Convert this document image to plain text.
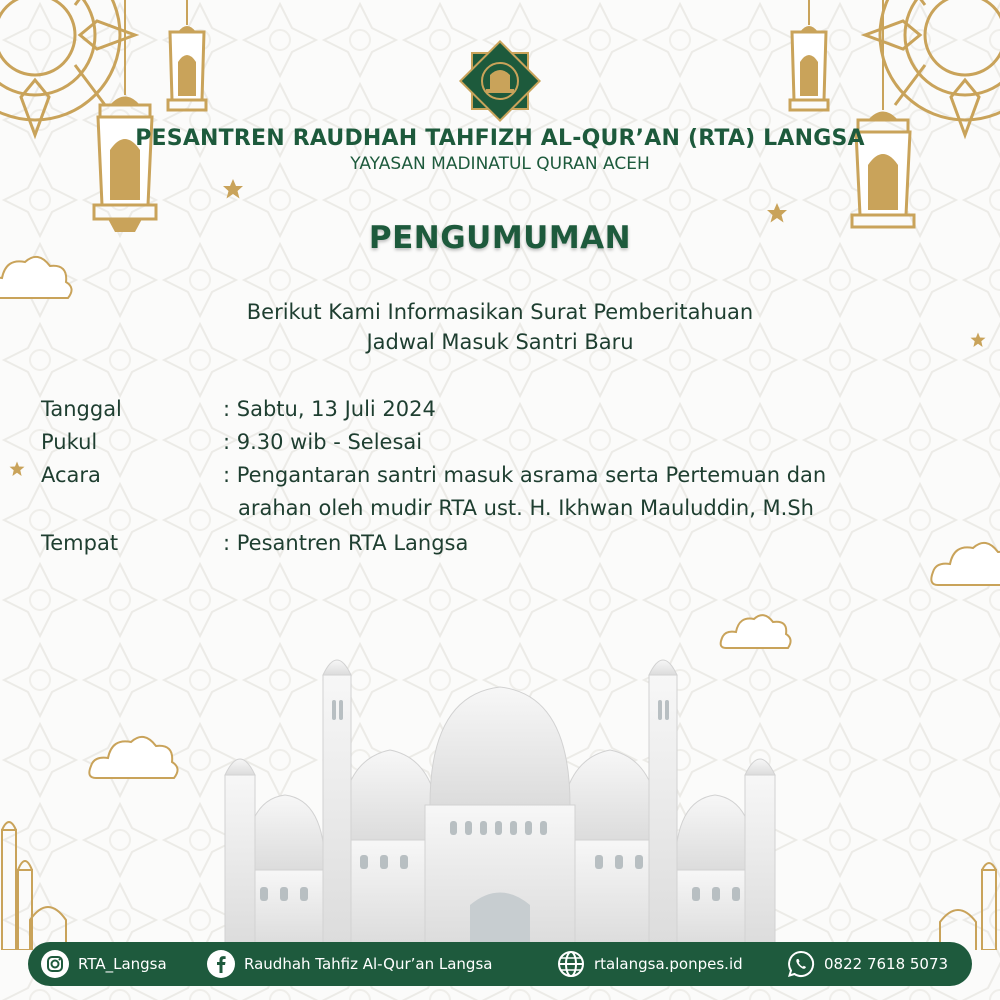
PESANTREN RAUDHAH TAHFIZH AL-QUR’AN (RTA) LANGSA
YAYASAN MADINATUL QURAN ACEH
PENGUMUMAN
Berikut Kami Informasikan Surat Pemberitahuan
Jadwal Masuk Santri Baru
Tanggal	: Sabtu, 13 Juli 2024
Pukul	: 9.30 wib - Selesai
Acara	: Pengantaran santri masuk asrama serta Pertemuan dan
arahan oleh mudir RTA ust. H. Ikhwan Mauluddin, M.Sh
Tempat	: Pesantren RTA Langsa
RTA_Langsa	Raudhah Tahfiz Al-Qur’an Langsa	rtalangsa.ponpes.id	0822 7618 5073
